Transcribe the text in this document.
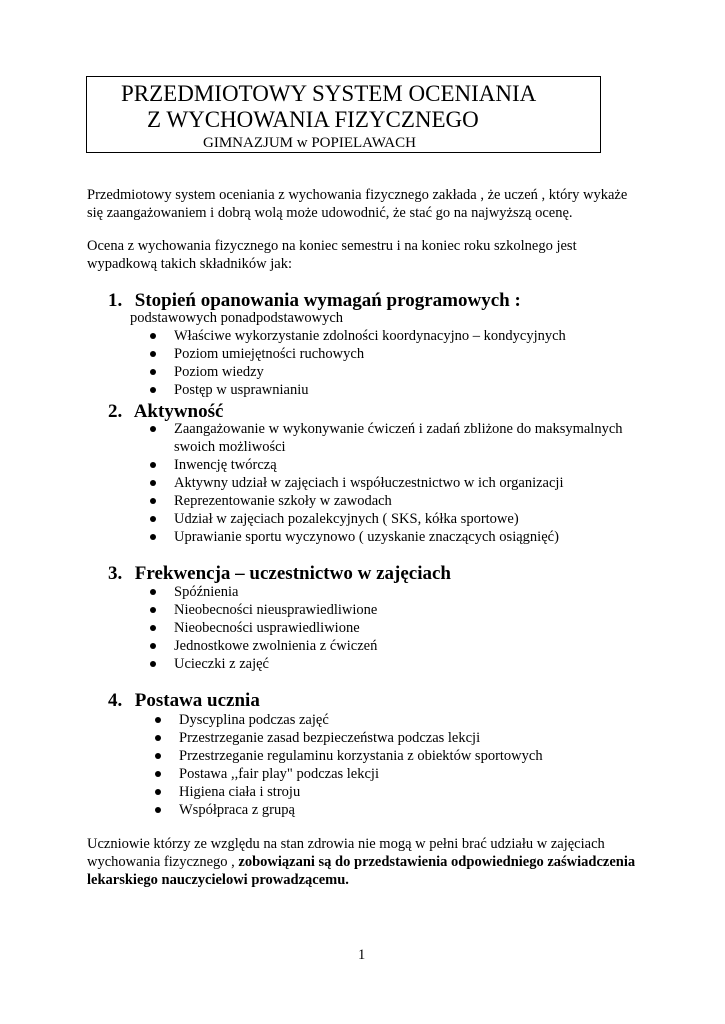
PRZEDMIOTOWY SYSTEM OCENIANIA
Z WYCHOWANIA FIZYCZNEGO
GIMNAZJUM w POPIELAWACH
Przedmiotowy system oceniania z wychowania fizycznego zakłada , że uczeń , który wykaże się zaangażowaniem i dobrą wolą może udowodnić, że stać go na najwyższą ocenę.
Ocena z wychowania fizycznego na koniec semestru i na koniec roku szkolnego jest wypadkową takich składników jak:
1. Stopień opanowania wymagań programowych :
podstawowych ponadpodstawowych
Właściwe wykorzystanie zdolności koordynacyjno – kondycyjnych
Poziom umiejętności ruchowych
Poziom wiedzy
Postęp w usprawnianiu
2. Aktywność
Zaangażowanie w wykonywanie ćwiczeń i zadań zbliżone do maksymalnych swoich możliwości
Inwencję twórczą
Aktywny udział w zajęciach i współuczestnictwo w ich organizacji
Reprezentowanie szkoły w zawodach
Udział w zajęciach pozalekcyjnych ( SKS, kółka sportowe)
Uprawianie sportu wyczynowo ( uzyskanie znaczących osiągnięć)
3. Frekwencja – uczestnictwo w zajęciach
Spóźnienia
Nieobecności nieusprawiedliwione
Nieobecności usprawiedliwione
Jednostkowe zwolnienia z ćwiczeń
Ucieczki z zajęć
4. Postawa ucznia
Dyscyplina podczas zajęć
Przestrzeganie zasad bezpieczeństwa podczas lekcji
Przestrzeganie regulaminu korzystania z obiektów sportowych
Postawa ,,fair play" podczas lekcji
Higiena ciała i stroju
Współpraca z grupą
Uczniowie którzy ze względu na stan zdrowia nie mogą w pełni brać udziału w zajęciach wychowania fizycznego , zobowiązani są do przedstawienia odpowiedniego zaświadczenia lekarskiego nauczycielowi prowadzącemu.
1
